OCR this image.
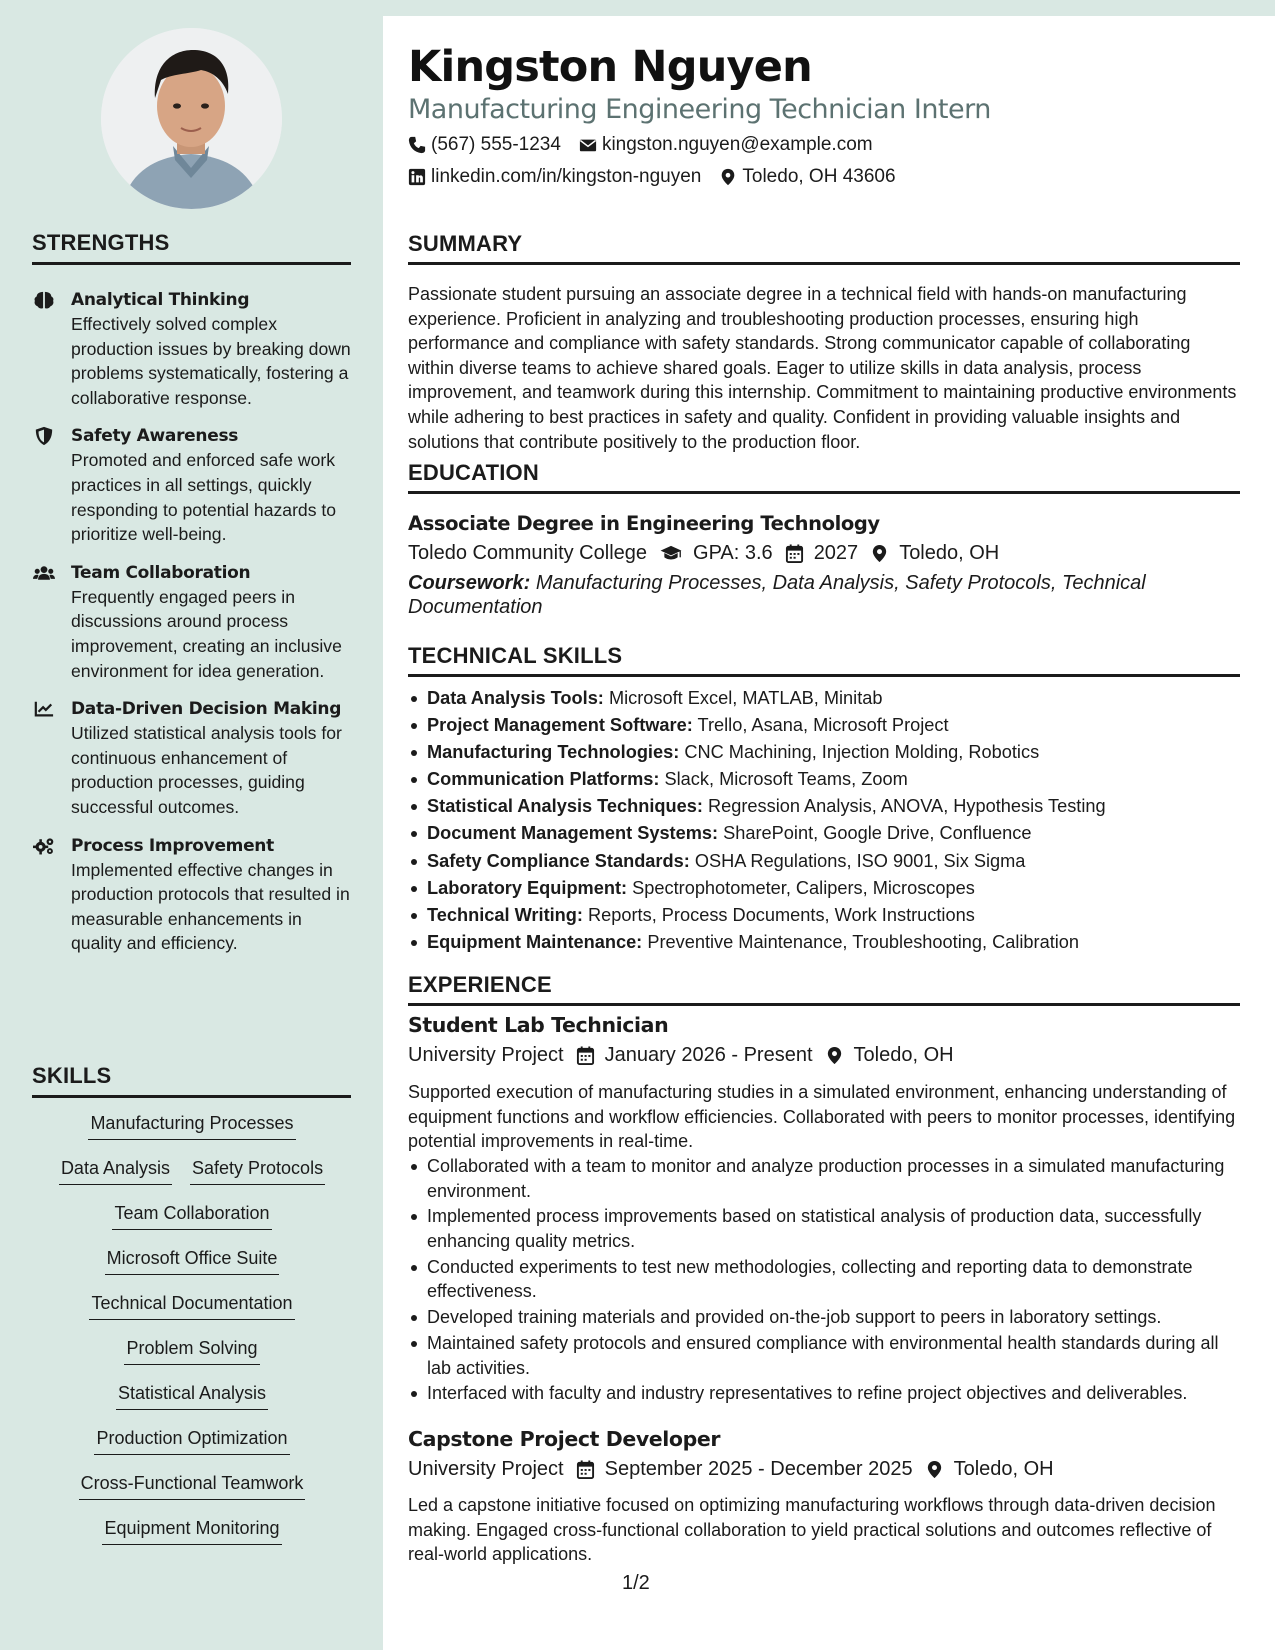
STRENGTHS
Analytical Thinking
Effectively solved complex production issues by breaking down problems systematically, fostering a collaborative response.
Safety Awareness
Promoted and enforced safe work practices in all settings, quickly responding to potential hazards to prioritize well-being.
Team Collaboration
Frequently engaged peers in discussions around process improvement, creating an inclusive environment for idea generation.
Data-Driven Decision Making
Utilized statistical analysis tools for continuous enhancement of production processes, guiding successful outcomes.
Process Improvement
Implemented effective changes in production protocols that resulted in measurable enhancements in quality and efficiency.
SKILLS
Manufacturing Processes
Data Analysis Safety Protocols
Team Collaboration
Microsoft Office Suite
Technical Documentation
Problem Solving
Statistical Analysis
Production Optimization
Cross-Functional Teamwork
Equipment Monitoring
Kingston Nguyen
Manufacturing Engineering Technician Intern
(567) 555-1234 kingston.nguyen@example.com
linkedin.com/in/kingston-nguyen Toledo, OH 43606
SUMMARY
Passionate student pursuing an associate degree in a technical field with hands-on manufacturing experience. Proficient in analyzing and troubleshooting production processes, ensuring high performance and compliance with safety standards. Strong communicator capable of collaborating within diverse teams to achieve shared goals. Eager to utilize skills in data analysis, process improvement, and teamwork during this internship. Commitment to maintaining productive environments while adhering to best practices in safety and quality. Confident in providing valuable insights and solutions that contribute positively to the production floor.
EDUCATION
Associate Degree in Engineering Technology
Toledo Community College GPA: 3.6 2027 Toledo, OH
Coursework: Manufacturing Processes, Data Analysis, Safety Protocols, Technical Documentation
TECHNICAL SKILLS
Data Analysis Tools: Microsoft Excel, MATLAB, Minitab
Project Management Software: Trello, Asana, Microsoft Project
Manufacturing Technologies: CNC Machining, Injection Molding, Robotics
Communication Platforms: Slack, Microsoft Teams, Zoom
Statistical Analysis Techniques: Regression Analysis, ANOVA, Hypothesis Testing
Document Management Systems: SharePoint, Google Drive, Confluence
Safety Compliance Standards: OSHA Regulations, ISO 9001, Six Sigma
Laboratory Equipment: Spectrophotometer, Calipers, Microscopes
Technical Writing: Reports, Process Documents, Work Instructions
Equipment Maintenance: Preventive Maintenance, Troubleshooting, Calibration
EXPERIENCE
Student Lab Technician
University Project January 2026 - Present Toledo, OH
Supported execution of manufacturing studies in a simulated environment, enhancing understanding of equipment functions and workflow efficiencies. Collaborated with peers to monitor processes, identifying potential improvements in real-time.
Collaborated with a team to monitor and analyze production processes in a simulated manufacturing environment.
Implemented process improvements based on statistical analysis of production data, successfully enhancing quality metrics.
Conducted experiments to test new methodologies, collecting and reporting data to demonstrate effectiveness.
Developed training materials and provided on-the-job support to peers in laboratory settings.
Maintained safety protocols and ensured compliance with environmental health standards during all lab activities.
Interfaced with faculty and industry representatives to refine project objectives and deliverables.
Capstone Project Developer
University Project September 2025 - December 2025 Toledo, OH
Led a capstone initiative focused on optimizing manufacturing workflows through data-driven decision making. Engaged cross-functional collaboration to yield practical solutions and outcomes reflective of real-world applications.
1/2
